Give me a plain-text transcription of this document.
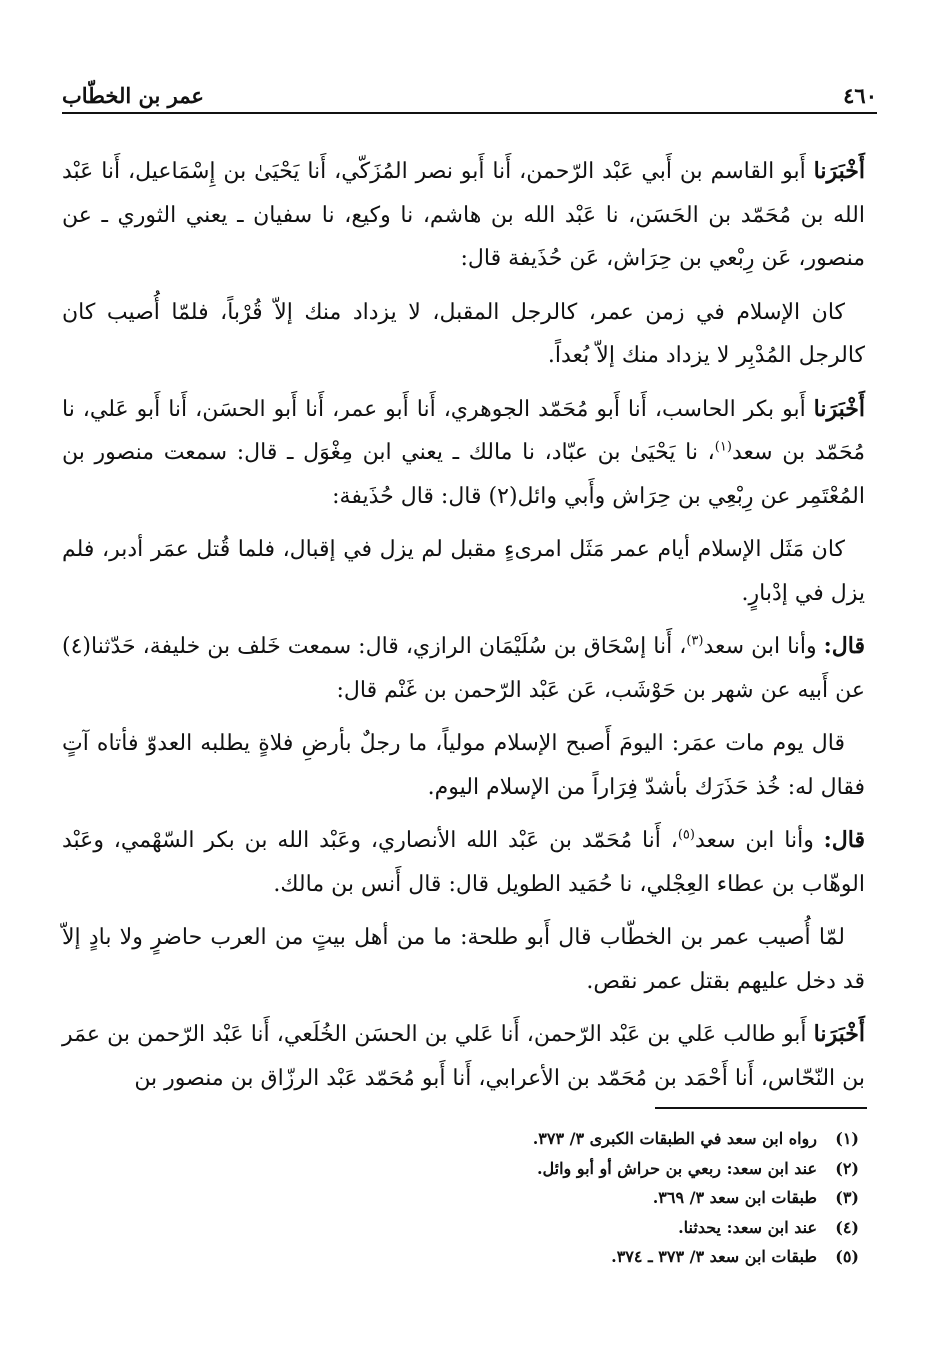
٤٦٠
عمر بن الخطّاب

أَخْبَرَنا أَبو القاسم بن أَبي عَبْد الرّحمن، أَنا أَبو نصر المُزَكّي، أَنا يَحْيَىٰ بن إِسْمَاعيل، أَنا عَبْد الله بن مُحَمّد بن الحَسَن، نا عَبْد الله بن هاشم، نا وكيع، نا سفيان ـ يعني الثوري ـ عن منصور، عَن رِبْعي بن حِرَاش، عَن حُذَيفة قال:

كان الإسلام في زمن عمر، كالرجل المقبل، لا يزداد منك إلاّ قُرْباً، فلمّا أُصيب كان كالرجل المُدْبِر لا يزداد منك إلاّ بُعداً.

أَخْبَرَنا أَبو بكر الحاسب، أَنا أَبو مُحَمّد الجوهري، أَنا أَبو عمر، أَنا أَبو الحسَن، أَنا أَبو عَلي، نا مُحَمّد بن سعد$^{(١)}$، نا يَحْيَىٰ بن عبّاد، نا مالك ـ يعني ابن مِغْوَل ـ قال: سمعت منصور بن المُعْتَمِر عن رِبْعِي بن حِرَاش وأَبي وائل(٢) قال: قال حُذَيفة:

كان مَثَل الإسلام أيام عمر مَثَل امرىءٍ مقبل لم يزل في إقبال، فلما قُتل عمَر أدبر، فلم يزل في إدْبارٍ.

قال: وأنا ابن سعد$^{(٣)}$، أَنا إسْحَاق بن سُلَيْمَان الرازي، قال: سمعت خَلف بن خليفة، حَدّثنا(٤) عن أَبيه عن شهر بن حَوْشَب، عَن عَبْد الرّحمن بن غَنْم قال:

قال يوم مات عمَر: اليومَ أَصبح الإسلام مولياً، ما رجلٌ بأرضِ فلاةٍ يطلبه العدوّ فأتاه آتٍ فقال له: خُذ حَذَرَك بأشدّ فِرَاراً من الإسلام اليوم.

قال: وأنا ابن سعد$^{(٥)}$، أَنا مُحَمّد بن عَبْد الله الأنصاري، وعَبْد الله بن بكر السّهْمي، وعَبْد الوهّاب بن عطاء العِجْلي، نا حُمَيد الطويل قال: قال أَنس بن مالك.

لمّا أُصيب عمر بن الخطّاب قال أَبو طلحة: ما من أهل بيتٍ من العرب حاضرٍ ولا بادٍ إلاّ قد دخل عليهم بقتل عمر نقص.

أَخْبَرَنا أَبو طالب عَلي بن عَبْد الرّحمن، أَنا عَلي بن الحسَن الخُلَعي، أَنا عَبْد الرّحمن بن عمَر بن النّحّاس، أَنا أَحْمَد بن مُحَمّد بن الأعرابي، أَنا أَبو مُحَمّد عَبْد الرزّاق بن منصور بن

(١)
رواه ابن سعد في الطبقات الكبرى ٣/ ٣٧٣.
(٢)
عند ابن سعد: ربعي بن حراش أو أبو وائل.
(٣)
طبقات ابن سعد ٣/ ٣٦٩.
(٤)
عند ابن سعد: يحدثنا.
(٥)
طبقات ابن سعد ٣/ ٣٧٣ ـ ٣٧٤.
